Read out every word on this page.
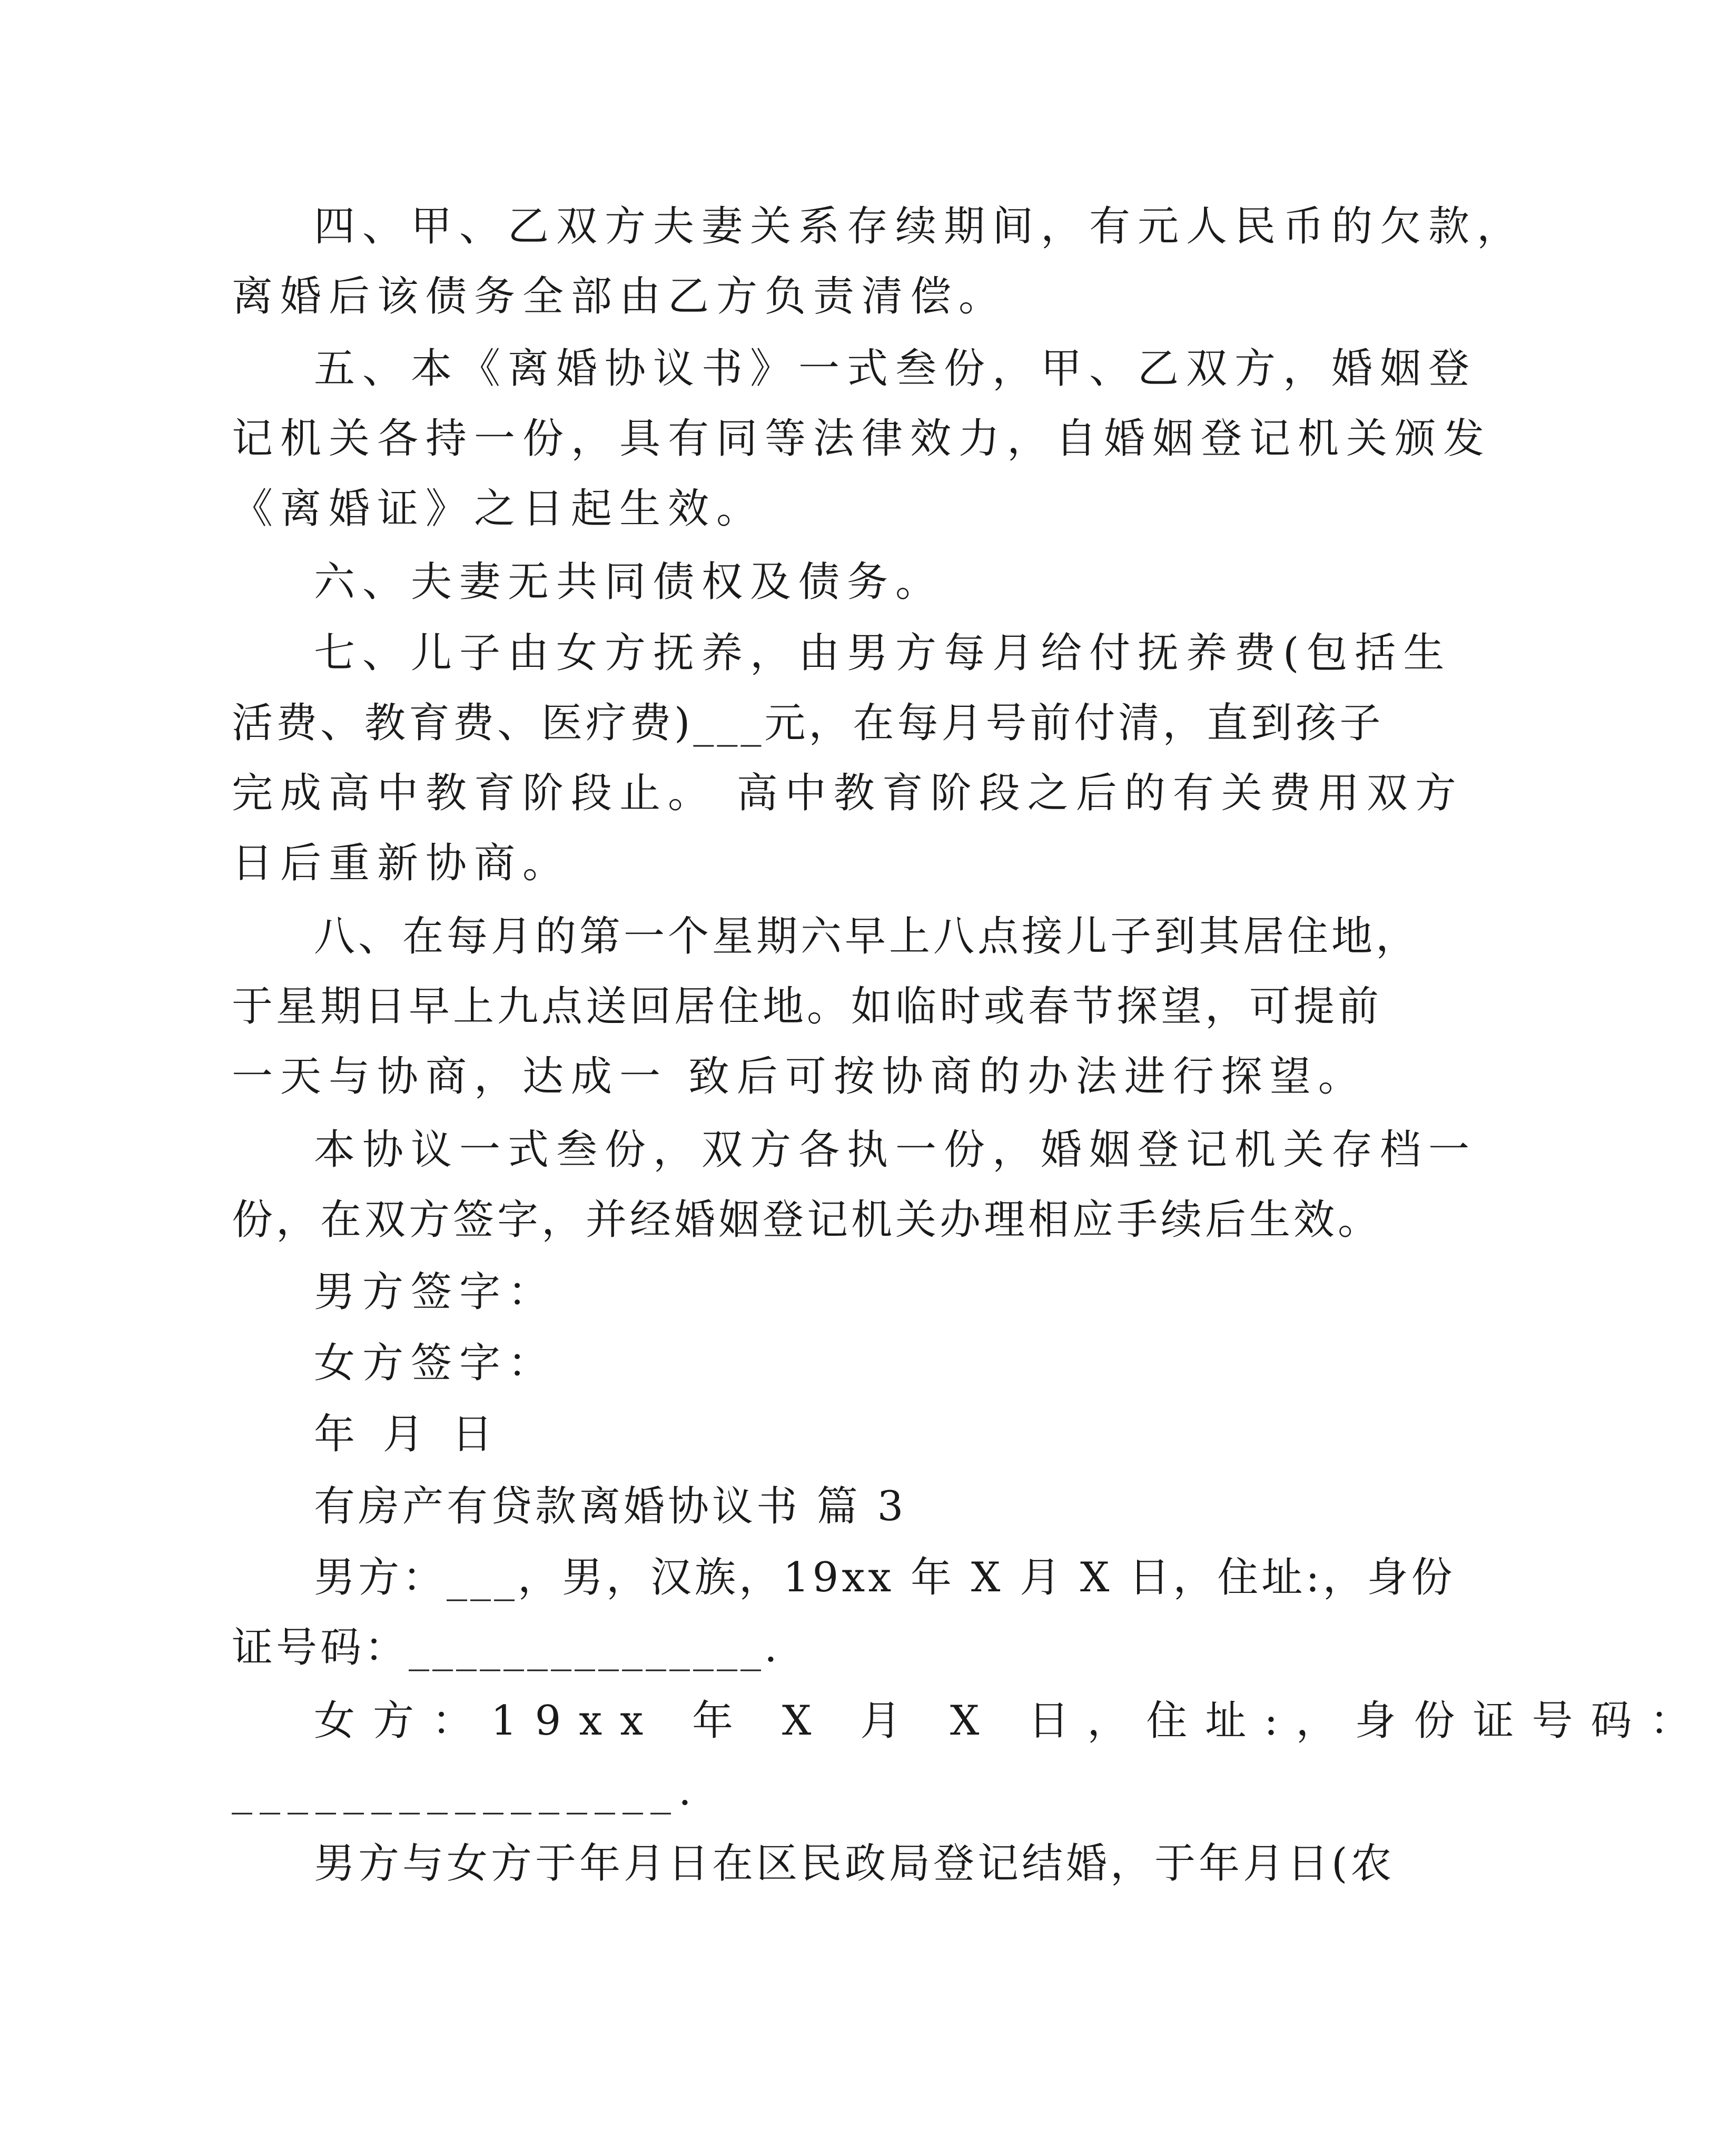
四、甲、乙双方夫妻关系存续期间，有元人民币的欠款，
离婚后该债务全部由乙方负责清偿。
五、本《离婚协议书》一式叁份，甲、乙双方，婚姻登
记机关各持一份，具有同等法律效力，自婚姻登记机关颁发
《离婚证》之日起生效。
六、夫妻无共同债权及债务。
七、儿子由女方抚养，由男方每月给付抚养费(包括生
活费、教育费、医疗费)___元，在每月号前付清，直到孩子
完成高中教育阶段止。 高中教育阶段之后的有关费用双方
日后重新协商。
八、在每月的第一个星期六早上八点接儿子到其居住地，
于星期日早上九点送回居住地。如临时或春节探望，可提前
一天与协商，达成一 致后可按协商的办法进行探望。
本协议一式叁份，双方各执一份，婚姻登记机关存档一
份，在双方签字，并经婚姻登记机关办理相应手续后生效。
男方签字：
女方签字：
年 月 日
有房产有贷款离婚协议书 篇 3
男方：___，男，汉族，19xx 年 X 月 X 日，住址:，身份
证号码：_______________.
女方：19xx 年 X 月 X 日，住址:，身份证号码：
________________.
男方与女方于年月日在区民政局登记结婚，于年月日(农
